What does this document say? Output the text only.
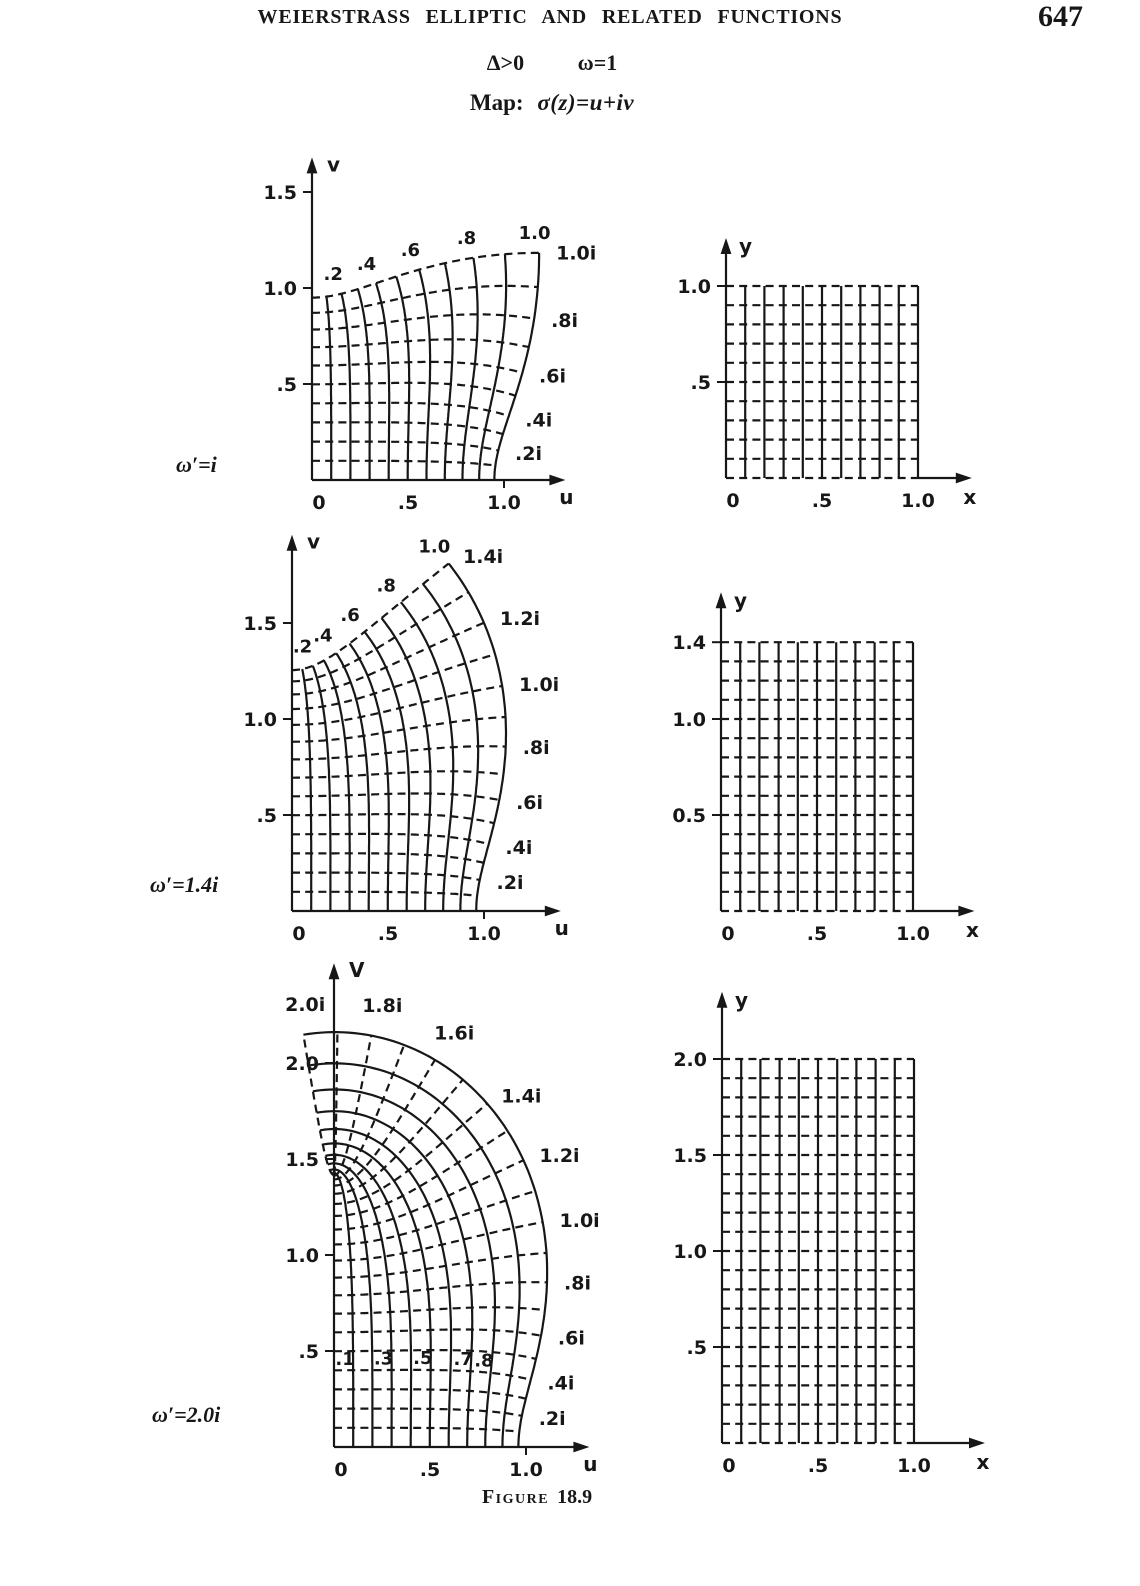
WEIERSTRASS ELLIPTIC AND RELATED FUNCTIONS	647
Δ>0 ω=1
Map: σ(z)=u+iv
ω′=i
ω′=1.4i
ω′=2.0i
v
u
.5
1.0
1.5
0	.5	1.0
.2 .4
.6
.8 1.0
.2i
.4i
.6i
.8i
1.0i	y
x
.5
1.0
0	.5	1.0
v
u
.5
1.0
1.5
0	.5	1.0
.2
.4
.6
.8
1.0
.2i
.4i
.6i
.8i
1.0i
1.2i
1.4i
y
x
0.5
1.0
1.4
0	.5	1.0
V
u
.5
1.0
1.5
2.0
0	.5	1.0
.1 .3 .5 .7 .8
.2i
.4i
.6i
.8i
1.0i
1.2i
1.4i
1.6i
1.8i
2.0i	y
x
.5
1.0
1.5
2.0
0	.5	1.0
Figure 18.9
